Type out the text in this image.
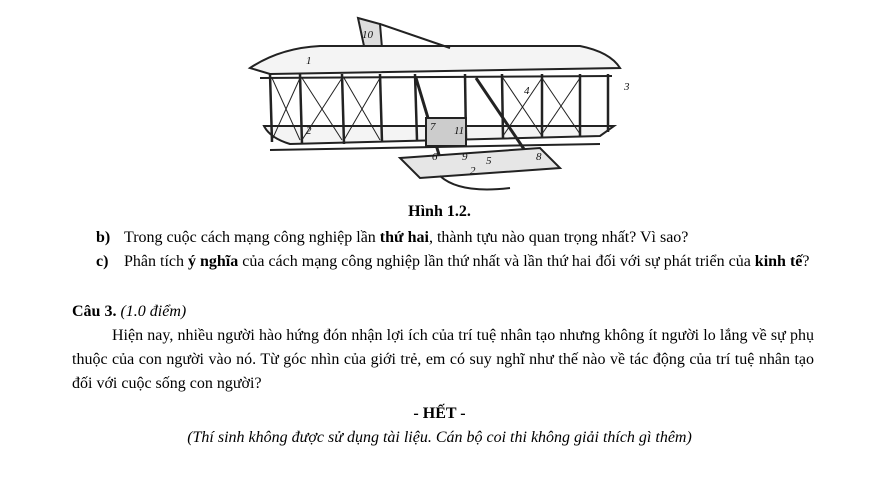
10
1
3
4
2	11
7
6 9 5	8
2
Hình 1.2.
b) Trong cuộc cách mạng công nghiệp lần thứ hai, thành tựu nào quan trọng nhất? Vì sao?
c) Phân tích ý nghĩa của cách mạng công nghiệp lần thứ nhất và lần thứ hai đối với sự phát triển của kinh tế?
Câu 3. (1.0 điểm)

Hiện nay, nhiều người hào hứng đón nhận lợi ích của trí tuệ nhân tạo nhưng không ít người lo lắng về sự phụ thuộc của con người vào nó. Từ góc nhìn của giới trẻ, em có suy nghĩ như thế nào về tác động của trí tuệ nhân tạo đối với cuộc sống con người?

- HẾT -
(Thí sinh không được sử dụng tài liệu. Cán bộ coi thi không giải thích gì thêm)
